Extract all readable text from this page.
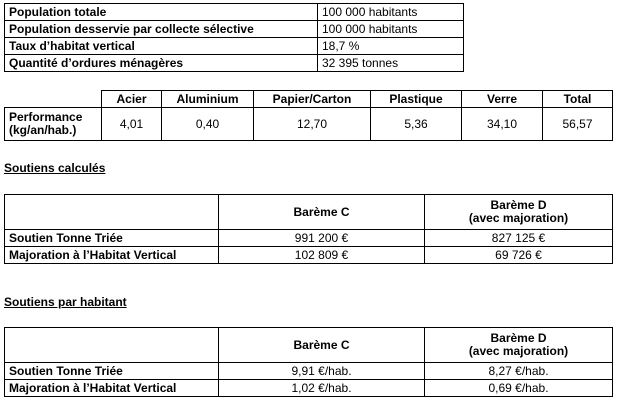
Population totale	100 000 habitants
Population desservie par collecte sélective	100 000 habitants
Taux d’habitat vertical	18,7 %
Quantité d’ordures ménagères	32 395 tonnes
	Acier	Aluminium	Papier/Carton	Plastique	Verre	Total
Performance (kg/an/hab.)	4,01	0,40	12,70	5,36	34,10	56,57
Soutiens calculés
	Barème C	Barème D
(avec majoration)

Soutien Tonne Triée	991 200 €	827 125 €
Majoration à l’Habitat Vertical	102 809 €	69 726 €
Soutiens par habitant
	Barème C	Barème D
(avec majoration)

Soutien Tonne Triée	9,91 €/hab.	8,27 €/hab.
Majoration à l’Habitat Vertical	1,02 €/hab.	0,69 €/hab.
